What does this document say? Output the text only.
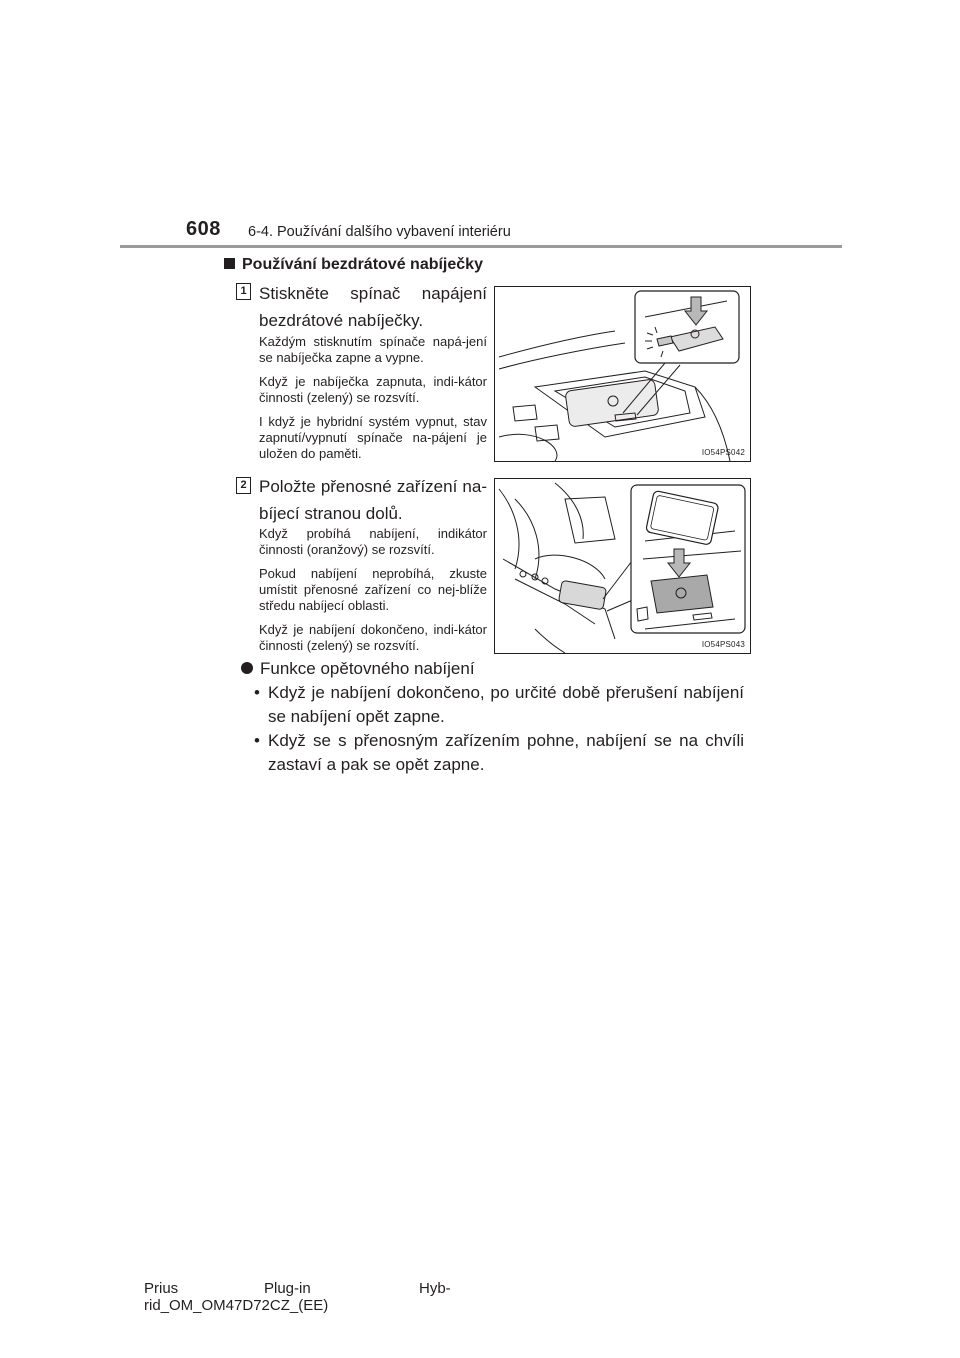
608 6-4. Používání dalšího vybavení interiéru
Používání bezdrátové nabíječky
1 Stiskněte spínač napájení
bezdrátové nabíječky.
Každým stisknutím spínače napá-jení se nabíječka zapne a vypne.
Když je nabíječka zapnuta, indi-kátor činnosti (zelený) se rozsvítí.
I když je hybridní systém vypnut, stav zapnutí/vypnutí spínače na-pájení je uložen do paměti.	IO54PS042
2 Položte přenosné zařízení na-
bíjecí stranou dolů.
Když probíhá nabíjení, indikátor činnosti (oranžový) se rozsvítí.
Pokud nabíjení neprobíhá, zkuste umístit přenosné zařízení co nej-blíže středu nabíjecí oblasti.
Když je nabíjení dokončeno, indi-kátor činnosti (zelený) se rozsvítí.	IO54PS043
Funkce opětovného nabíjení
• Když je nabíjení dokončeno, po určité době přerušení nabíjení se nabíjení opět zapne.
• Když se s přenosným zařízením pohne, nabíjení se na chvíli zastaví a pak se opět zapne.
Prius	Plug-in	Hyb-
rid_OM_OM47D72CZ_(EE)
